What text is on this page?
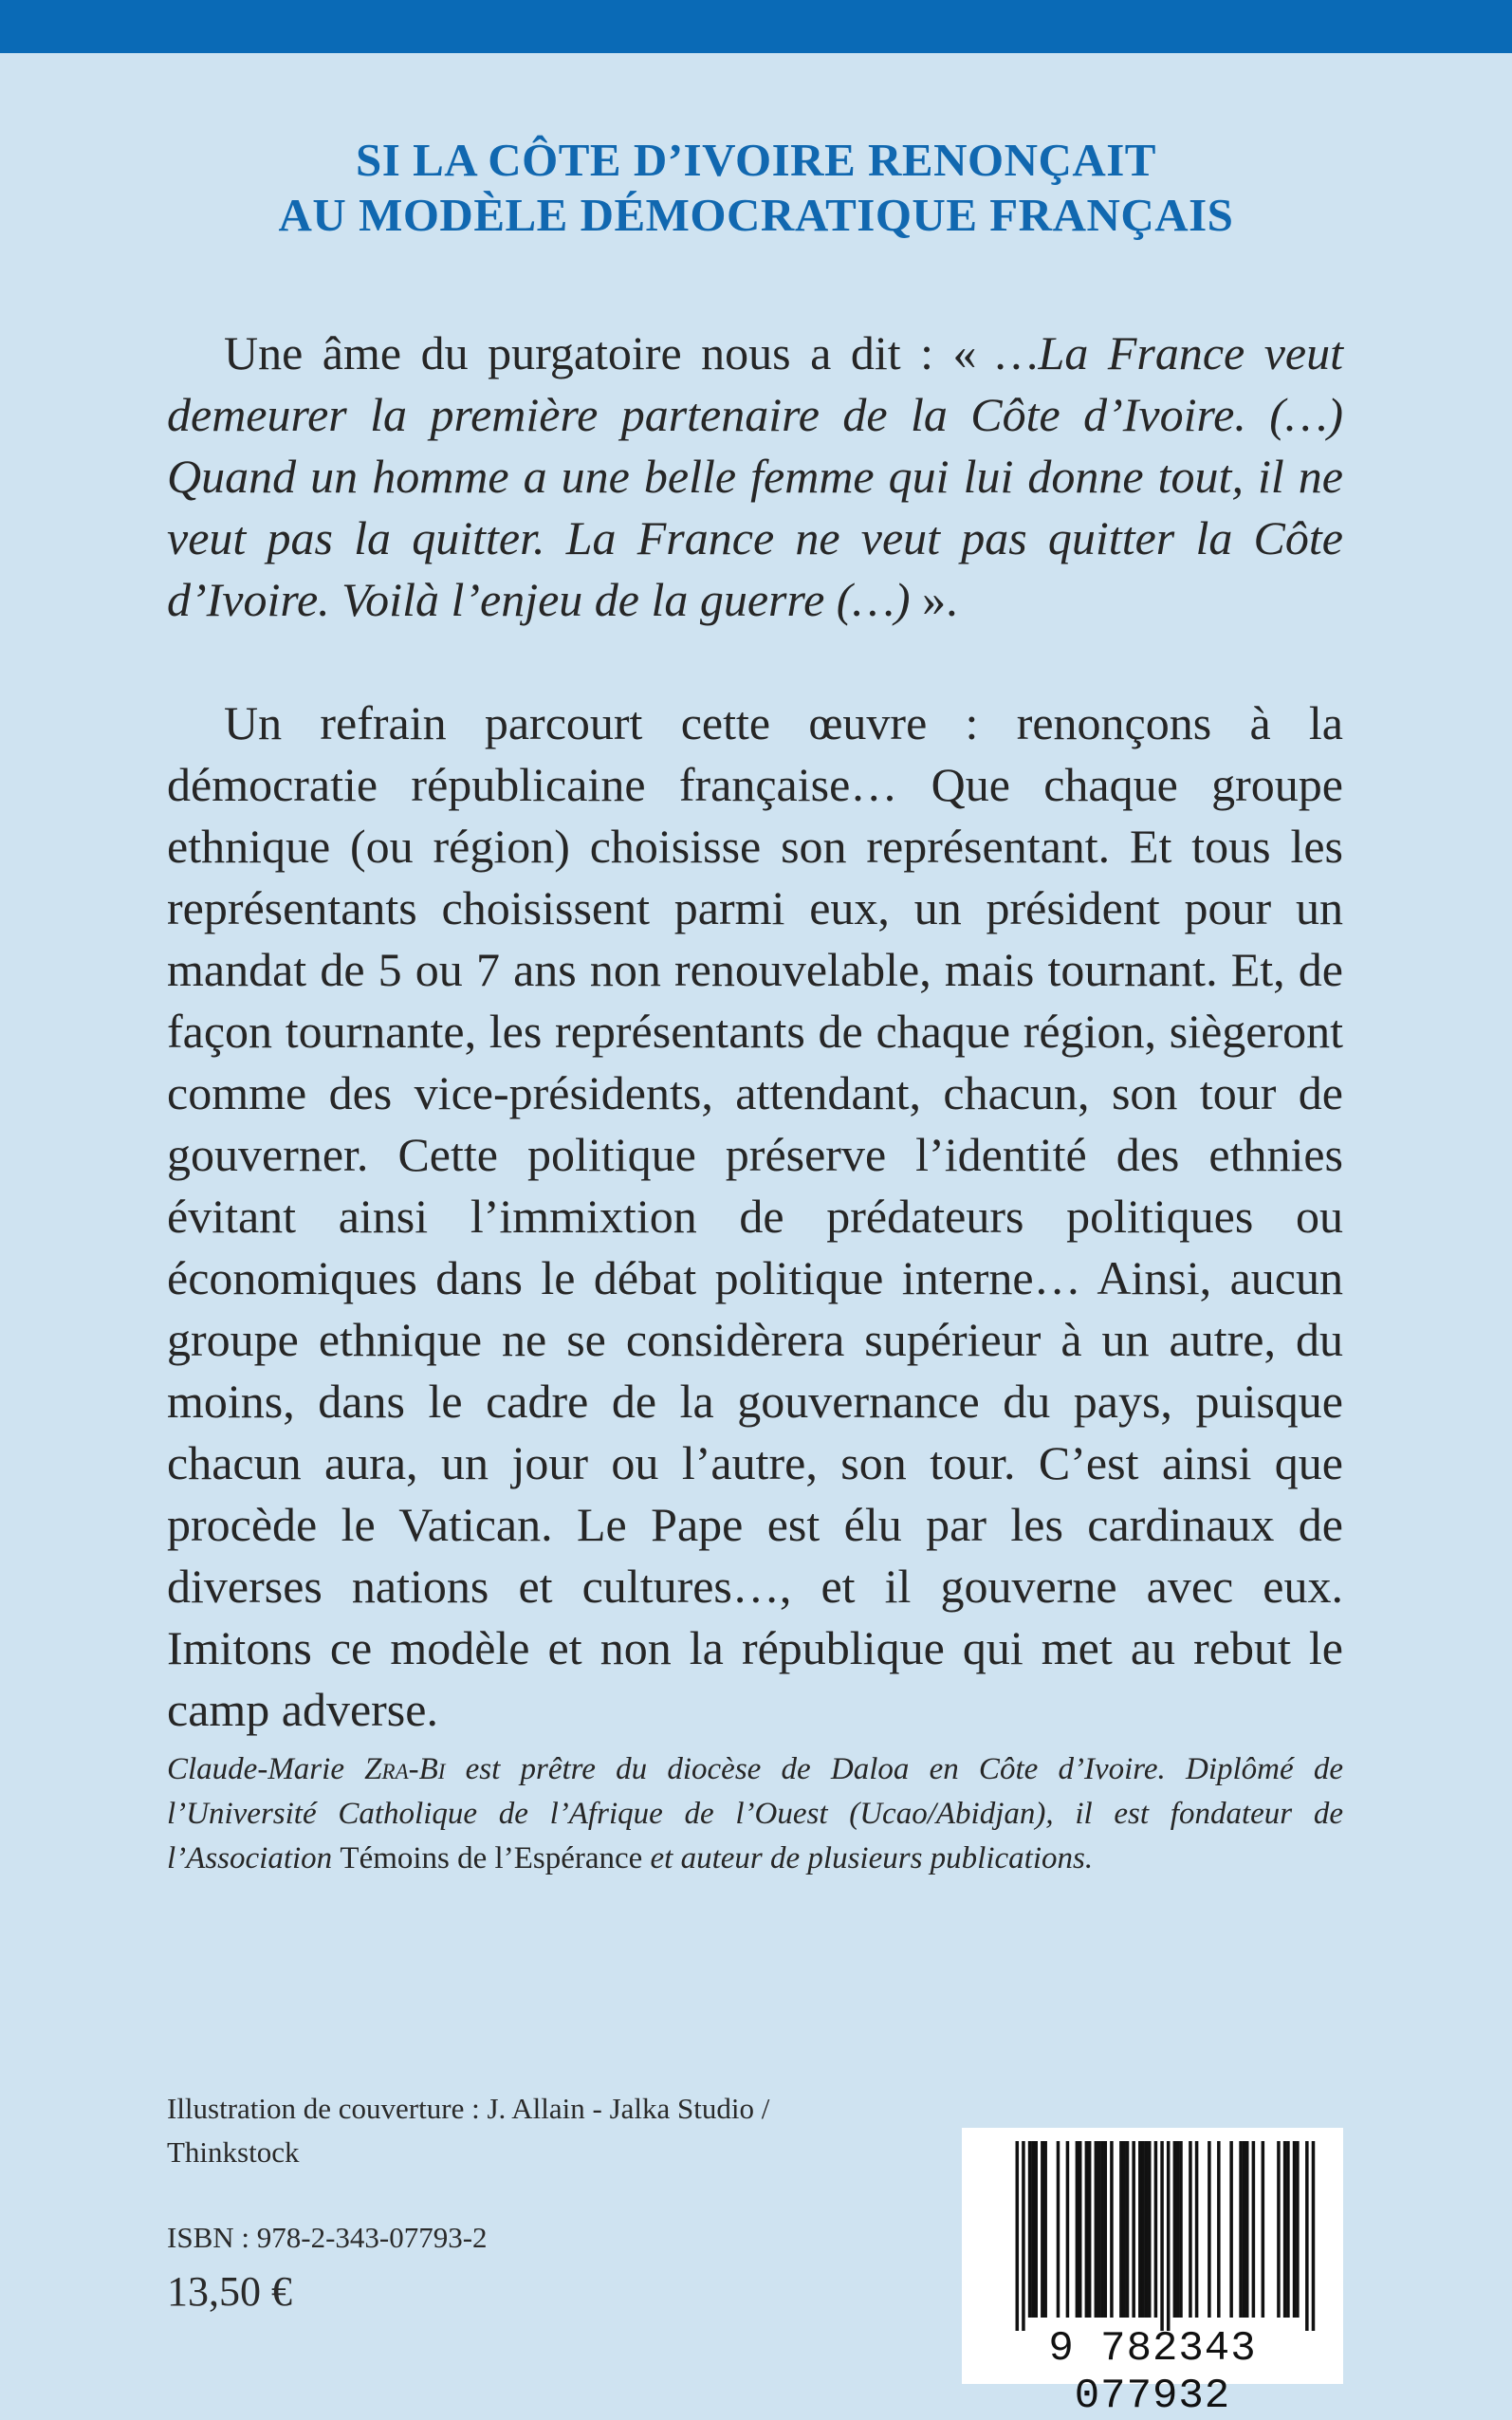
SI LA CÔTE D’IVOIRE RENONÇAIT
AU MODÈLE DÉMOCRATIQUE FRANÇAIS
Une âme du purgatoire nous a dit : « …La France veut demeurer la première partenaire de la Côte d’Ivoire. (…) Quand un homme a une belle femme qui lui donne tout, il ne veut pas la quitter. La France ne veut pas quitter la Côte d’Ivoire. Voilà l’enjeu de la guerre (…) ».
Un refrain parcourt cette œuvre : renonçons à la démocratie républicaine française… Que chaque groupe ethnique (ou région) choisisse son représentant. Et tous les représentants choisissent parmi eux, un président pour un mandat de 5 ou 7 ans non renouvelable, mais tournant. Et, de façon tournante, les représentants de chaque région, siègeront comme des vice-présidents, attendant, chacun, son tour de gouverner. Cette politique préserve l’identité des ethnies évitant ainsi l’immixtion de prédateurs politiques ou économiques dans le débat politique interne… Ainsi, aucun groupe ethnique ne se considèrera supérieur à un autre, du moins, dans le cadre de la gouvernance du pays, puisque chacun aura, un jour ou l’autre, son tour. C’est ainsi que procède le Vatican. Le Pape est élu par les cardinaux de diverses nations et cultures…, et il gouverne avec eux. Imitons ce modèle et non la république qui met au rebut le camp adverse.
Claude-Marie Zra-Bi est prêtre du diocèse de Daloa en Côte d’Ivoire. Diplômé de l’Université Catholique de l’Afrique de l’Ouest (Ucao/Abidjan), il est fondateur de l’Association Témoins de l’Espérance et auteur de plusieurs publications.
Illustration de couverture : J. Allain - Jalka Studio / Thinkstock
ISBN : 978-2-343-07793-2
13,50 €
9 782343 077932
